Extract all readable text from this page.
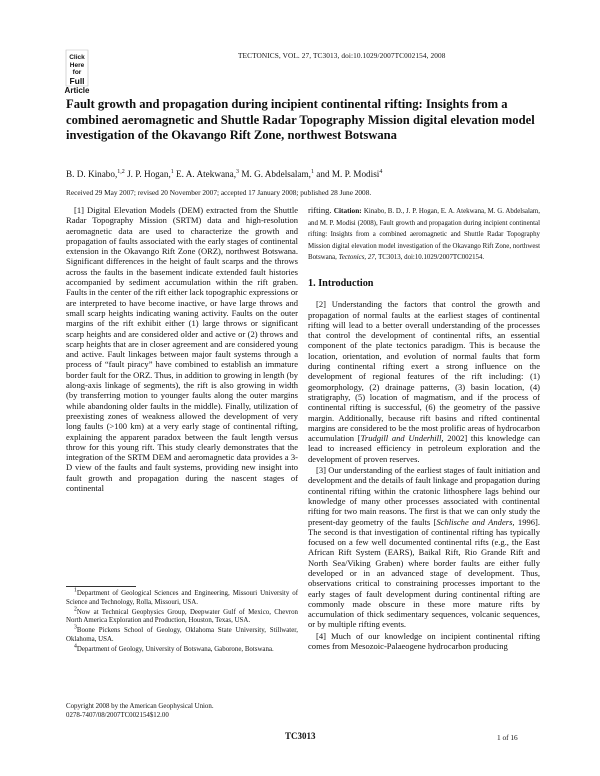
Click
Here
for
Full
Article
TECTONICS, VOL. 27, TC3013, doi:10.1029/2007TC002154, 2008
Fault growth and propagation during incipient continental rifting: Insights from a combined aeromagnetic and Shuttle Radar Topography Mission digital elevation model investigation of the Okavango Rift Zone, northwest Botswana
B. D. Kinabo,$^{1,2}$ J. P. Hogan,$^1$ E. A. Atekwana,$^3$ M. G. Abdelsalam,$^1$ and M. P. Modisi$^4$
Received 29 May 2007; revised 20 November 2007; accepted 17 January 2008; published 28 June 2008.

[1] Digital Elevation Models (DEM) extracted from the Shuttle Radar Topography Mission (SRTM) data and high-resolution aeromagnetic data are used to characterize the growth and propagation of faults associated with the early stages of continental extension in the Okavango Rift Zone (ORZ), northwest Botswana. Significant differences in the height of fault scarps and the throws across the faults in the basement indicate extended fault histories accompanied by sediment accumulation within the rift graben. Faults in the center of the rift either lack topographic expressions or are interpreted to have become inactive, or have large throws and small scarp heights indicating waning activity. Faults on the outer margins of the rift exhibit either (1) large throws or significant scarp heights and are considered older and active or (2) throws and scarp heights that are in closer agreement and are considered young and active. Fault linkages between major fault systems through a process of “fault piracy” have combined to establish an immature border fault for the ORZ. Thus, in addition to growing in length (by along-axis linkage of segments), the rift is also growing in width (by transferring motion to younger faults along the outer margins while abandoning older faults in the middle). Finally, utilization of preexisting zones of weakness allowed the development of very long faults (>100 km) at a very early stage of continental rifting, explaining the apparent paradox between the fault length versus throw for this young rift. This study clearly demonstrates that the integration of the SRTM DEM and aeromagnetic data provides a 3-D view of the faults and fault systems, providing new insight into fault growth and propagation during the nascent stages of continental

$^1$Department of Geological Sciences and Engineering, Missouri University of Science and Technology, Rolla, Missouri, USA.

$^2$Now at Technical Geophysics Group, Deepwater Gulf of Mexico, Chevron North America Exploration and Production, Houston, Texas, USA.

$^3$Boone Pickens School of Geology, Oklahoma State University, Stillwater, Oklahoma, USA.

$^4$Department of Geology, University of Botswana, Gaborone, Botswana.

Copyright 2008 by the American Geophysical Union.
0278-7407/08/2007TC002154$12.00

rifting. Citation: Kinabo, B. D., J. P. Hogan, E. A. Atekwana, M. G. Abdelsalam, and M. P. Modisi (2008), Fault growth and propagation during incipient continental rifting: Insights from a combined aeromagnetic and Shuttle Radar Topography Mission digital elevation model investigation of the Okavango Rift Zone, northwest Botswana, Tectonics, 27, TC3013, doi:10.1029/2007TC002154.

1. Introduction

[2] Understanding the factors that control the growth and propagation of normal faults at the earliest stages of continental rifting will lead to a better overall understanding of the processes that control the development of continental rifts, an essential component of the plate tectonics paradigm. This is because the location, orientation, and evolution of normal faults that form during continental rifting exert a strong influence on the development of regional features of the rift including: (1) geomorphology, (2) drainage patterns, (3) basin location, (4) stratigraphy, (5) location of magmatism, and if the process of continental rifting is successful, (6) the geometry of the passive margin. Additionally, because rift basins and rifted continental margins are considered to be the most prolific areas of hydrocarbon accumulation [Trudgill and Underhill, 2002] this knowledge can lead to increased efficiency in petroleum exploration and the development of proven reserves.

[3] Our understanding of the earliest stages of fault initiation and development and the details of fault linkage and propagation during continental rifting within the cratonic lithosphere lags behind our knowledge of many other processes associated with continental rifting for two main reasons. The first is that we can only study the present-day geometry of the faults [Schlische and Anders, 1996]. The second is that investigation of continental rifting has typically focused on a few well documented continental rifts (e.g., the East African Rift System (EARS), Baikal Rift, Rio Grande Rift and North Sea/Viking Graben) where border faults are either fully developed or in an advanced stage of development. Thus, observations critical to constraining processes important to the early stages of fault development during continental rifting are commonly made obscure in these more mature rifts by accumulation of thick sedimentary sequences, volcanic sequences, or by multiple rifting events.

[4] Much of our knowledge on incipient continental rifting comes from Mesozoic-Palaeogene hydrocarbon producing

TC3013	1 of 16
